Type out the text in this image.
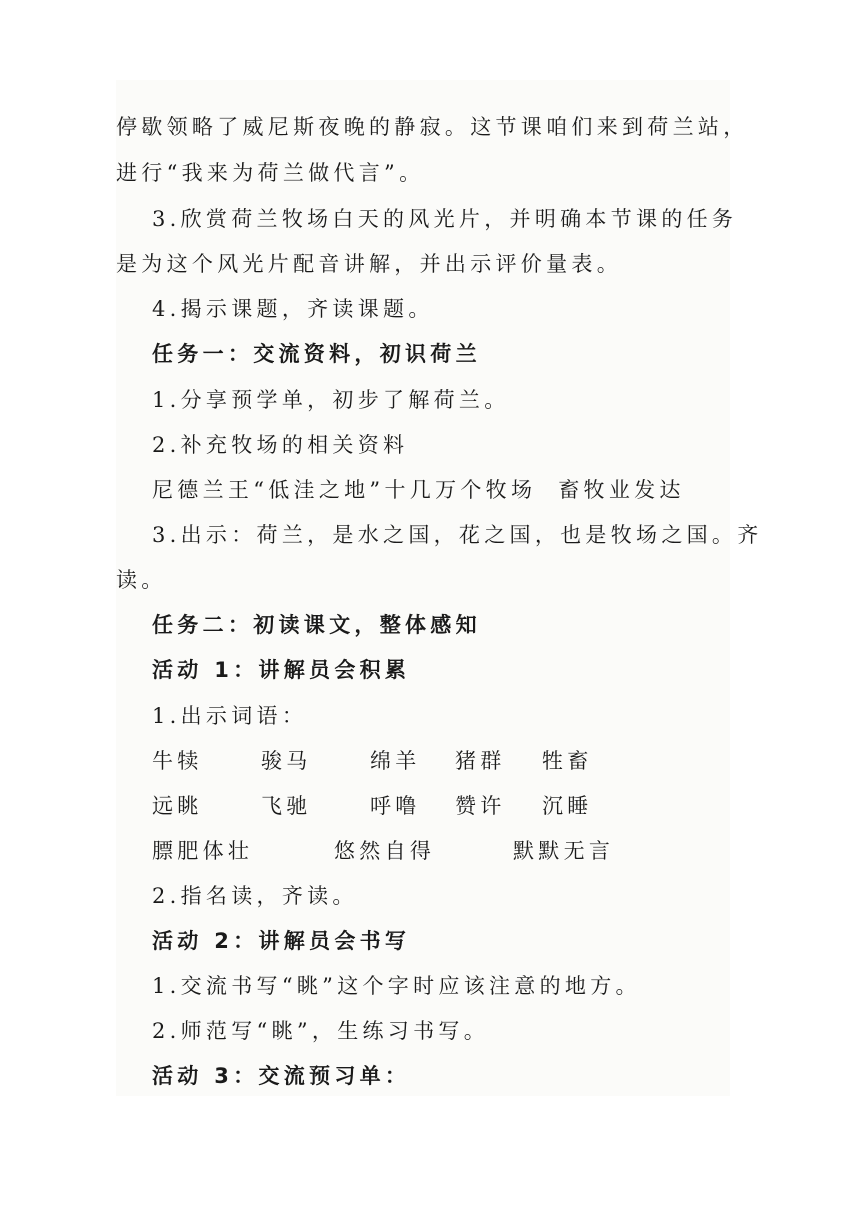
停歇领略了威尼斯夜晚的静寂。这节课咱们来到荷兰站，
进行“我来为荷兰做代言”。
3.欣赏荷兰牧场白天的风光片，并明确本节课的任务
是为这个风光片配音讲解，并出示评价量表。
4.揭示课题，齐读课题。
任务一：交流资料，初识荷兰
1.分享预学单，初步了解荷兰。
2.补充牧场的相关资料
尼德兰王“低洼之地”十几万个牧场  畜牧业发达
3.出示：荷兰，是水之国，花之国，也是牧场之国。齐
读。
任务二：初读课文，整体感知
活动 1：讲解员会积累
1.出示词语：
牛犊	骏马	绵羊 猪群 牲畜
远眺	飞驰	呼噜 赞许 沉睡
膘肥体壮	悠然自得	默默无言
2.指名读，齐读。
活动 2：讲解员会书写
1.交流书写“眺”这个字时应该注意的地方。
2.师范写“眺”，生练习书写。
活动 3：交流预习单：
